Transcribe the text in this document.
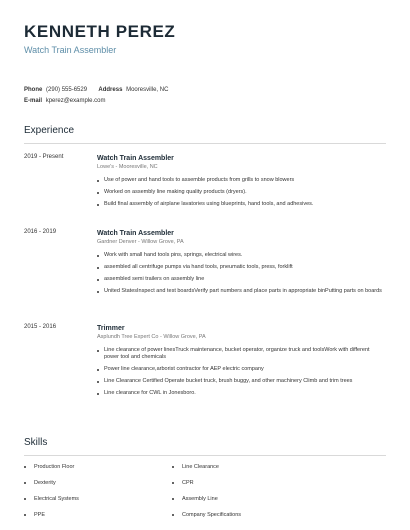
KENNETH PEREZ
Watch Train Assembler
Phone (290) 555-6529 Address Mooresville, NC
E-mail kperez@example.com
Experience
2019 - Present	Watch Train Assembler
Lowe's - Mooresville, NC
Use of power and hand tools to assemble products from grills to snow blowers
Worked on assembly line making quality products (dryers).
Build final assembly of airplane lavatories using blueprints, hand tools, and adhesives.
2016 - 2019	Watch Train Assembler
Gardner Denver - Willow Grove, PA
Work with small hand tools pins, springs, electrical wires.
assembled all centrifuge pumps via hand tools, pneumatic tools, press, forklift
assembled semi trailers on assembly line
United StatesInspect and test boardsVerify part numbers and place parts in appropriate binPutting parts on boards
2015 - 2016	Trimmer
Asplundh Tree Expert Co - Willow Grove, PA
Line clearance of power linesTruck maintenance, bucket operator, organize truck and toolsWork with different power tool and chemicals
Power line clearance,arborist contractor for AEP electric company
Line Clearance Certified Operate bucket truck, brush buggy, and other machinery Climb and trim trees
Line clearance for CWL in Jonesboro.
Skills
Production Floor
Dexterity
Electrical Systems
PPE
Line Clearance
CPR
Assembly Line
Company Specifications
